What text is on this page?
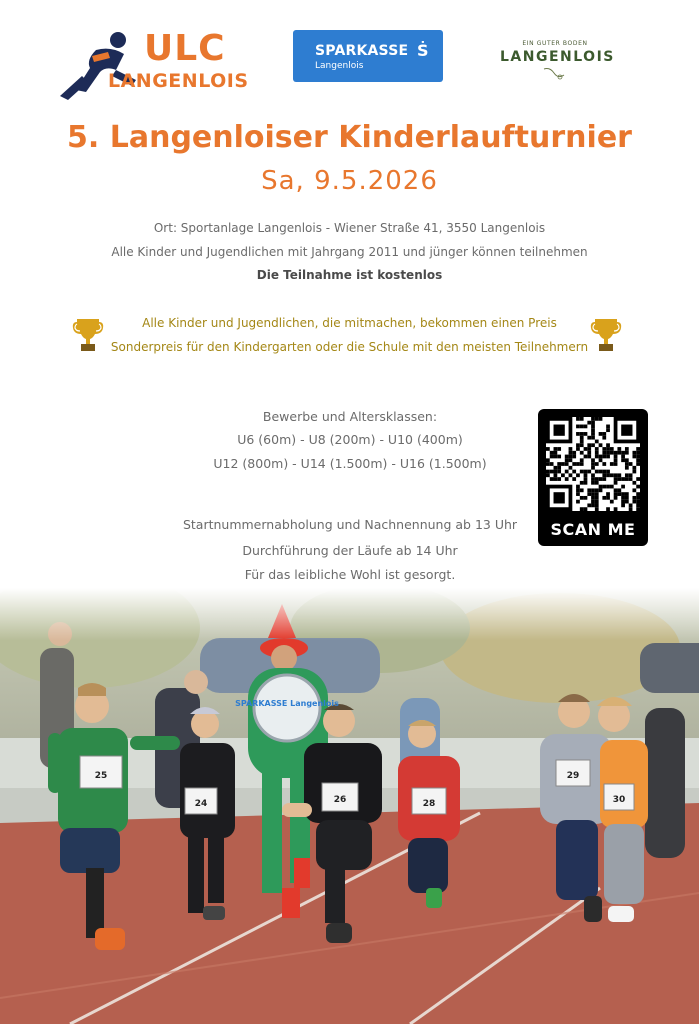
ULC
LANGENLOIS
SPARKASSE Ṡ
Langenlois
EIN GUTER BODEN
LANGENLOIS
5. Langenloiser Kinderlaufturnier
Sa, 9.5.2026
Ort: Sportanlage Langenlois - Wiener Straße 41, 3550 Langenlois
Alle Kinder und Jugendlichen mit Jahrgang 2011 und jünger können teilnehmen
Die Teilnahme ist kostenlos
Alle Kinder und Jugendlichen, die mitmachen, bekommen einen Preis
Sonderpreis für den Kindergarten oder die Schule mit den meisten Teilnehmern
Bewerbe und Altersklassen:
U6 (60m) - U8 (200m) - U10 (400m)
U12 (800m) - U14 (1.500m) - U16 (1.500m)
Startnummernabholung und Nachnennung ab 13 Uhr
Durchführung der Läufe ab 14 Uhr
Für das leibliche Wohl ist gesorgt.
SCAN ME
